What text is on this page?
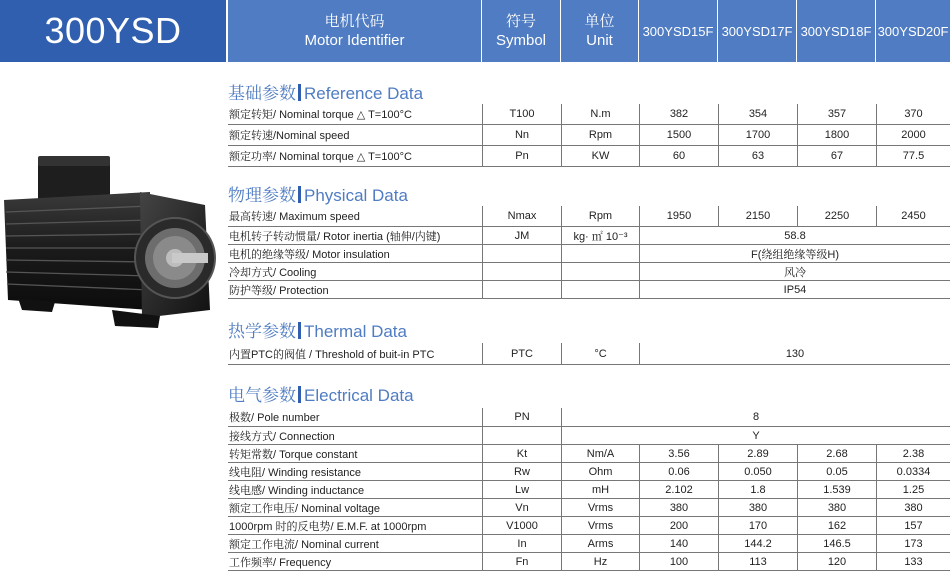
300YSD	电机代码
Motor Identifier
符号
Symbol
单位
Unit
300YSD15F 300YSD17F 300YSD18F 300YSD20F
基础参数 Reference Data
额定转矩/ Nominal torque △ T=100°C	T100	N.m	382	354	357	370
额定转速/Nominal speed	Nn	Rpm	1500	1700	1800	2000
额定功率/ Nominal torque △ T=100°C	Pn	KW	60	63	67	77.5
物理参数 Physical Data
最高转速/ Maximum speed	Nmax	Rpm	1950	2150	2250	2450
电机转子转动惯量/ Rotor inertia (轴伸/内键)	JM	kg· ㎡ 10⁻³	58.8
电机的绝缘等级/ Motor insulation	F(绕组绝缘等级H)
冷却方式/ Cooling	风冷
防护等级/ Protection	IP54
热学参数 Thermal Data
内置PTC的阀值 / Threshold of buit-in PTC	PTC	°C	130
电气参数 Electrical Data
极数/ Pole number	PN	8
接线方式/ Connection	Y
转矩常数/ Torque constant	Kt	Nm/A	3.56	2.89	2.68	2.38
线电阻/ Winding resistance	Rw	Ohm	0.06	0.050	0.05	0.0334
线电感/ Winding inductance	Lw	mH	2.102	1.8	1.539	1.25
额定工作电压/ Nominal voltage	Vn	Vrms	380	380	380	380
1000rpm 时的反电势/ E.M.F. at 1000rpm	V1000	Vrms	200	170	162	157
额定工作电流/ Nominal current	In	Arms	140	144.2	146.5	173
工作频率/ Frequency	Fn	Hz	100	113	120	133
